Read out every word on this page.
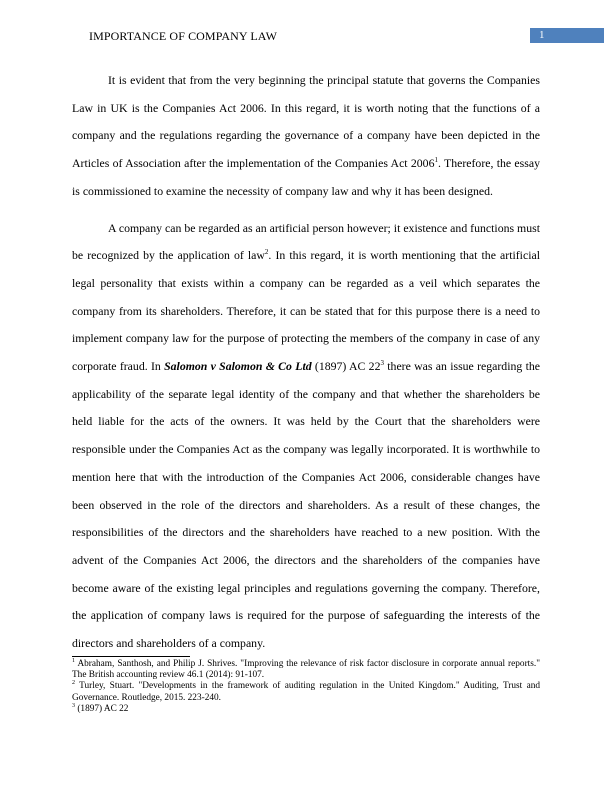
IMPORTANCE OF COMPANY LAW	1

It is evident that from the very beginning the principal statute that governs the Companies Law in UK is the Companies Act 2006. In this regard, it is worth noting that the functions of a company and the regulations regarding the governance of a company have been depicted in the Articles of Association after the implementation of the Companies Act 2006$^1$. Therefore, the essay is commissioned to examine the necessity of company law and why it has been designed.

A company can be regarded as an artificial person however; it existence and functions must be recognized by the application of law$^2$. In this regard, it is worth mentioning that the artificial legal personality that exists within a company can be regarded as a veil which separates the company from its shareholders. Therefore, it can be stated that for this purpose there is a need to implement company law for the purpose of protecting the members of the company in case of any corporate fraud. In Salomon v Salomon & Co Ltd (1897) AC $22^3$ there was an issue regarding the applicability of the separate legal identity of the company and that whether the shareholders be held liable for the acts of the owners. It was held by the Court that the shareholders were responsible under the Companies Act as the company was legally incorporated. It is worthwhile to mention here that with the introduction of the Companies Act 2006, considerable changes have been observed in the role of the directors and shareholders. As a result of these changes, the responsibilities of the directors and the shareholders have reached to a new position. With the advent of the Companies Act 2006, the directors and the shareholders of the companies have become aware of the existing legal principles and regulations governing the company. Therefore, the application of company laws is required for the purpose of safeguarding the interests of the directors and shareholders of a company.

$^1$ Abraham, Santhosh, and Philip J. Shrives. "Improving the relevance of risk factor disclosure in corporate annual reports." The British accounting review 46.1 (2014): 91-107.

$^2$ Turley, Stuart. "Developments in the framework of auditing regulation in the United Kingdom." Auditing, Trust and Governance. Routledge, 2015. 223-240.

$^3$ (1897) AC 22
